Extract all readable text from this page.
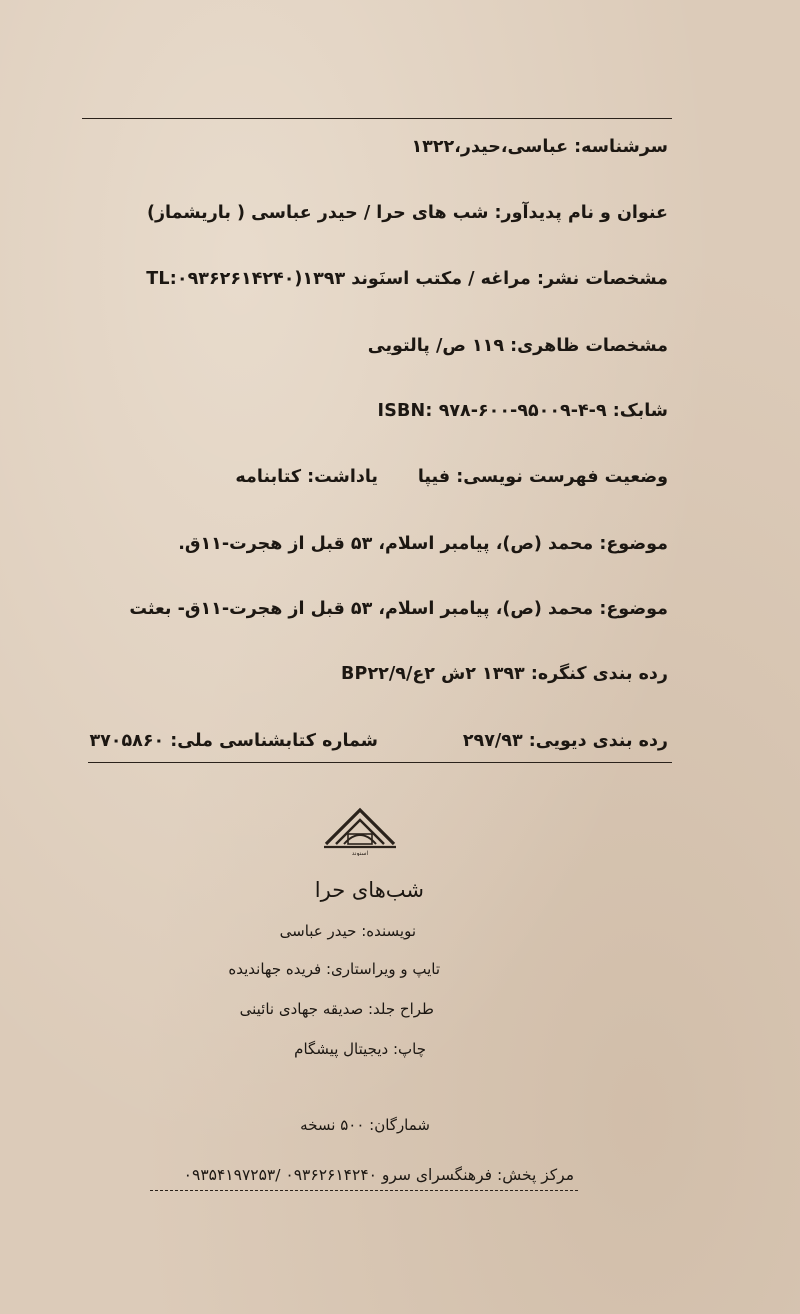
سرشناسه: عباسی،حیدر،۱۳۲۲
عنوان و نام پدیدآور: شب های حرا / حیدر عباسی ( باریشماز)
مشخصات نشر: مراغه / مکتب اسنَوند ۱۳۹۳(TL:۰۹۳۶۲۶۱۴۲۴۰
مشخصات ظاهری: ۱۱۹ ص/ پالتویی
شابک: ۹-۴-۹۵۰۰۹-۶۰۰-۹۷۸ ISBN:
وضعیت فهرست نویسی: فیپا
یاداشت: کتابنامه
موضوع: محمد (ص)، پیامبر اسلام، ۵۳ قبل از هجرت-۱۱ق.
موضوع: محمد (ص)، پیامبر اسلام، ۵۳ قبل از هجرت-۱۱ق- بعثت
رده بندی کنگره: ۱۳۹۳ ۲ش ۲ع/BP۲۲/۹
رده بندی دیویی: ۲۹۷/۹۳
شماره کتابشناسی ملی: ۳۷۰۵۸۶۰
اسنوند
شب‌های حرا
نویسنده: حیدر عباسی
تایپ و ویراستاری: فریده جهاندیده
طراح جلد: صدیقه جهادی نائینی
چاپ: دیجیتال پیشگام
شمارگان: ۵۰۰ نسخه
مرکز پخش: فرهنگسرای سرو ۰۹۳۶۲۶۱۴۲۴۰ /۰۹۳۵۴۱۹۷۲۵۳
